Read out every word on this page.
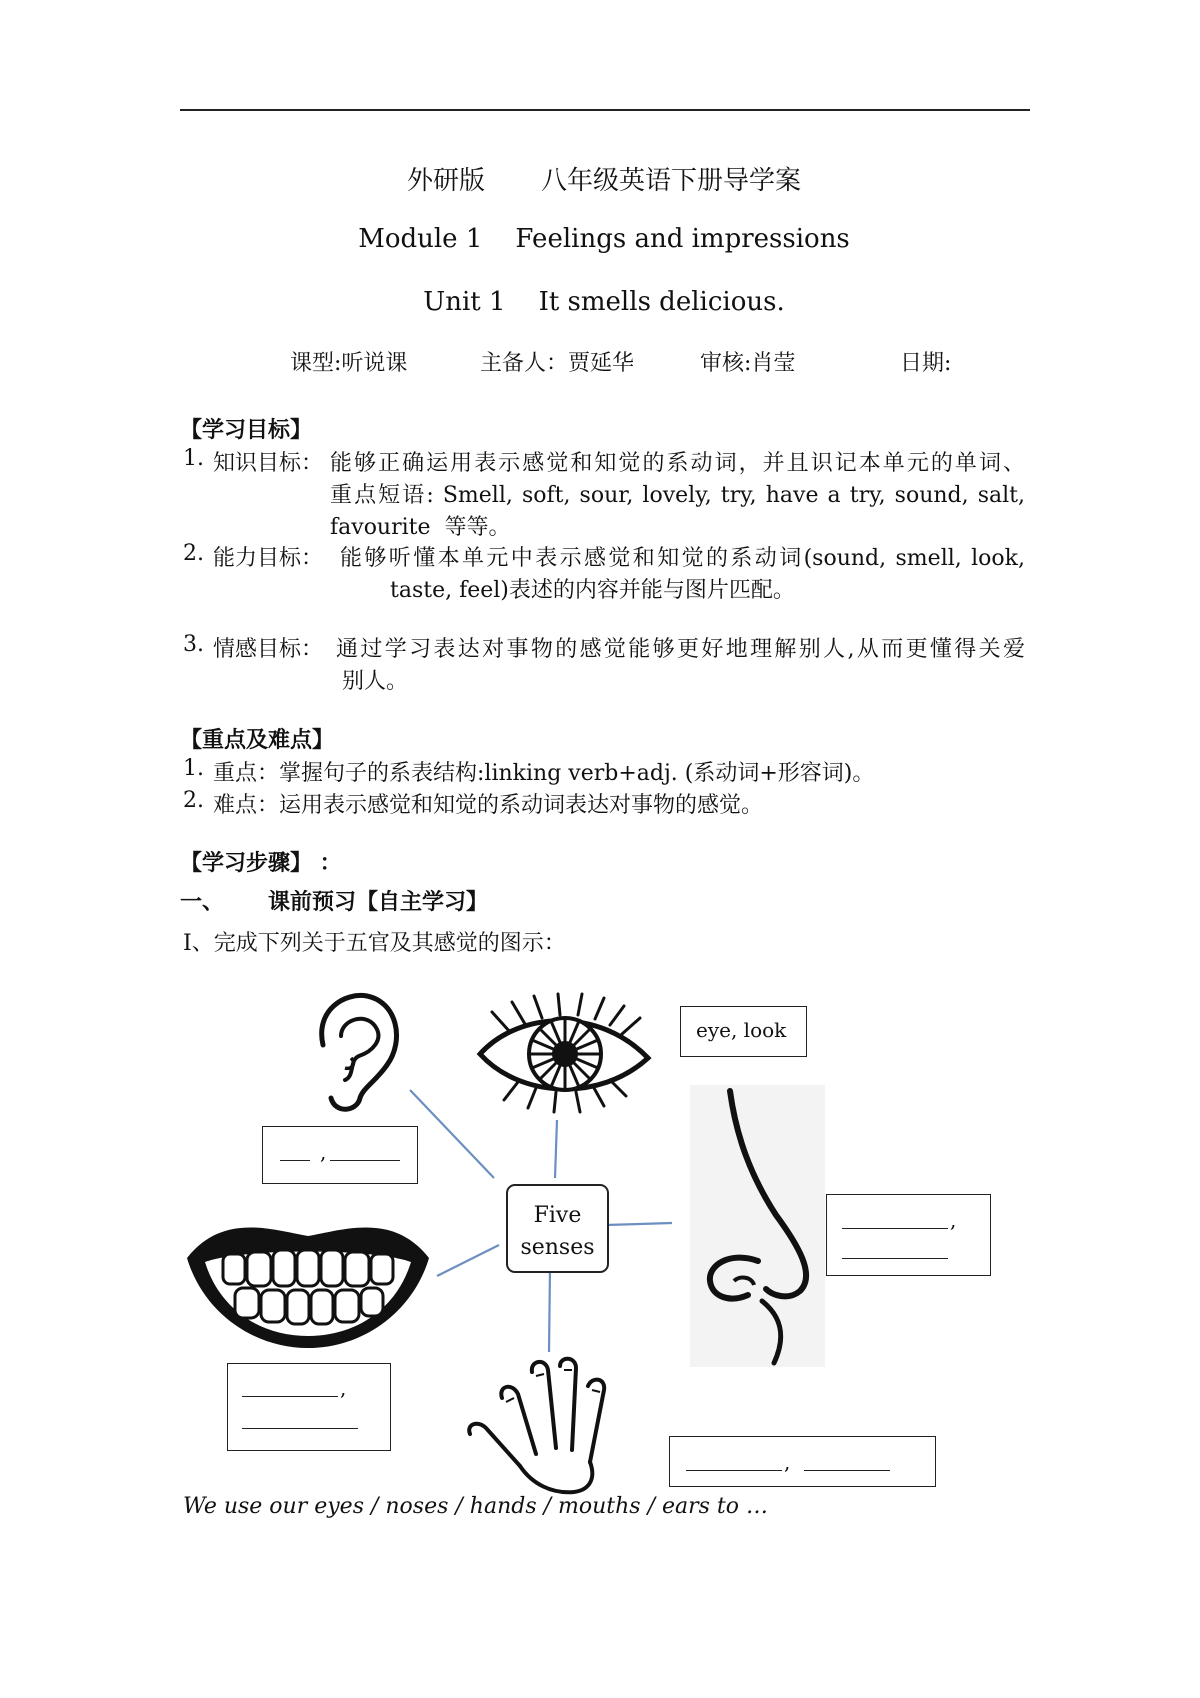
外研版 八年级英语下册导学案
Module 1    Feelings and impressions
Unit 1    It smells delicious.
课型:听说课	主备人：贾延华	审核:肖莹	日期:
【学习目标】
1. 知识目标： 能够正确运用表示感觉和知觉的系动词，并且识记本单元的单词、
重点短语: Smell, soft, sour, lovely, try, have a try, sound, salt,
favourite  等等。
2. 能力目标： 能够听懂本单元中表示感觉和知觉的系动词(sound, smell, look,
taste, feel)表述的内容并能与图片匹配。
3. 情感目标： 通过学习表达对事物的感觉能够更好地理解别人,从而更懂得关爱
别人。
【重点及难点】
1. 重点：掌握句子的系表结构:linking verb+adj. (系动词+形容词)。
2. 难点：运用表示感觉和知觉的系动词表达对事物的感觉。
【学习步骤】 ：
一、 课前预习【自主学习】
I、完成下列关于五官及其感觉的图示：
Five
senses
eye, look
,
,
,
,
We use our eyes / noses / hands / mouths / ears to …
